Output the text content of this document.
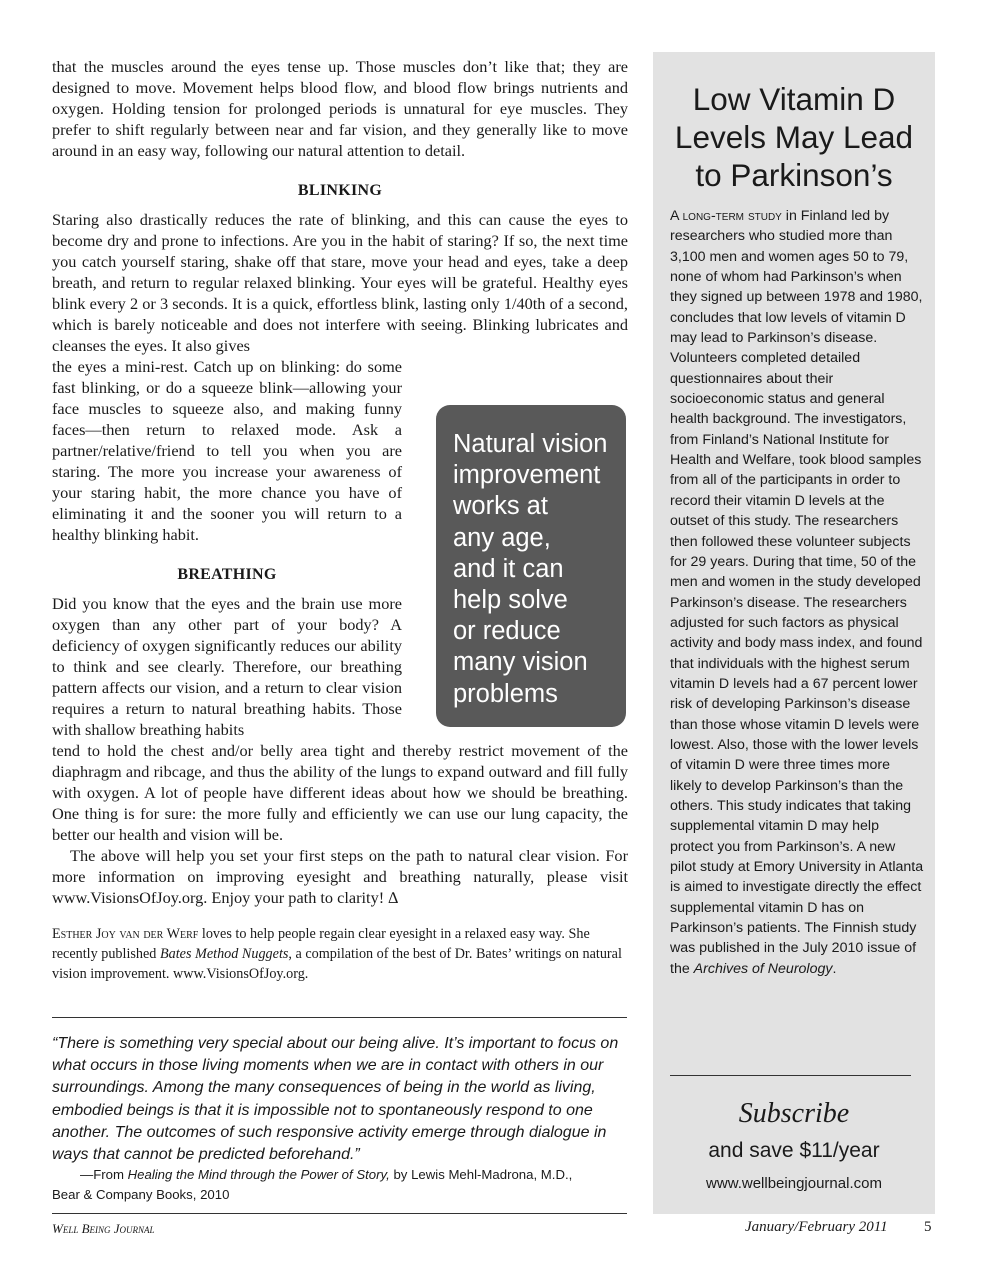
that the muscles around the eyes tense up. Those muscles don’t like that; they are designed to move. Movement helps blood flow, and blood flow brings nutrients and oxygen. Holding tension for prolonged periods is unnatural for eye muscles. They prefer to shift regularly between near and far vision, and they generally like to move around in an easy way, following our natural attention to detail.

BLINKING

Staring also drastically reduces the rate of blinking, and this can cause the eyes to become dry and prone to infections. Are you in the habit of staring? If so, the next time you catch yourself staring, shake off that stare, move your head and eyes, take a deep breath, and return to regular relaxed blinking. Your eyes will be grateful. Healthy eyes blink every 2 or 3 seconds. It is a quick, effortless blink, lasting only 1/40th of a second, which is barely noticeable and does not interfere with seeing. Blinking lubricates and cleanses the eyes. It also gives

the eyes a mini-rest. Catch up on blinking: do some fast blinking, or do a squeeze blink—allowing your face muscles to squeeze also, and making funny faces—then return to relaxed mode. Ask a partner/relative/friend to tell you when you are staring. The more you increase your awareness of your staring habit, the more chance you have of eliminating it and the sooner you will return to a healthy blinking habit.

BREATHING

Did you know that the eyes and the brain use more oxygen than any other part of your body? A deficiency of oxygen significantly reduces our ability to think and see clearly. Therefore, our breathing pattern affects our vision, and a return to clear vision requires a return to natural breathing habits. Those with shallow breathing habits

tend to hold the chest and/or belly area tight and thereby restrict movement of the diaphragm and ribcage, and thus the ability of the lungs to expand outward and fill fully with oxygen. A lot of people have different ideas about how we should be breathing. One thing is for sure: the more fully and efficiently we can use our lung capacity, the better our health and vision will be.

The above will help you set your first steps on the path to natural clear vision. For more information on improving eyesight and breathing naturally, please visit www.VisionsOfJoy.org. Enjoy your path to clarity! ∆

Esther Joy van der Werf loves to help people regain clear eyesight in a relaxed easy way. She recently published Bates Method Nuggets, a compilation of the best of Dr. Bates’ writings on natural vision improvement. www.VisionsOfJoy.org.

Natural vision
improvement
works at
any age,
and it can
help solve
or reduce
many vision
problems
“There is something very special about our being alive. It’s important to focus on what occurs in those living moments when we are in contact with others in our surroundings. Among the many consequences of being in the world as living, embodied beings is that it is impossible not to spontaneously respond to one another. The outcomes of such responsive activity emerge through dialogue in ways that cannot be predicted beforehand.”
—From Healing the Mind through the Power of Story, by Lewis Mehl-Madrona, M.D.,
Bear & Company Books, 2010
Low Vitamin D
Levels May Lead
to Parkinson’s
A long-term study in Finland led by researchers who studied more than 3,100 men and women ages 50 to 79, none of whom had Parkinson’s when they signed up between 1978 and 1980, concludes that low levels of vitamin D may lead to Parkinson’s disease. Volunteers completed detailed questionnaires about their socioeconomic status and general health background. The investigators, from Finland’s National Institute for Health and Welfare, took blood samples from all of the participants in order to record their vitamin D levels at the outset of this study. The researchers then followed these volunteer subjects for 29 years. During that time, 50 of the men and women in the study developed Parkinson’s disease. The researchers adjusted for such factors as physical activity and body mass index, and found that individuals with the highest serum vitamin D levels had a 67 percent lower risk of developing Parkinson’s disease than those whose vitamin D levels were lowest. Also, those with the lower levels of vitamin D were three times more likely to develop Parkinson’s than the others. This study indicates that taking supplemental vitamin D may help protect you from Parkinson’s. A new pilot study at Emory University in Atlanta is aimed to investigate directly the effect supplemental vitamin D has on Parkinson’s patients. The Finnish study was published in the July 2010 issue of the Archives of Neurology.
Subscribe
and save $11/year
www.wellbeingjournal.com
Well Being Journal	January/February 2011 5
